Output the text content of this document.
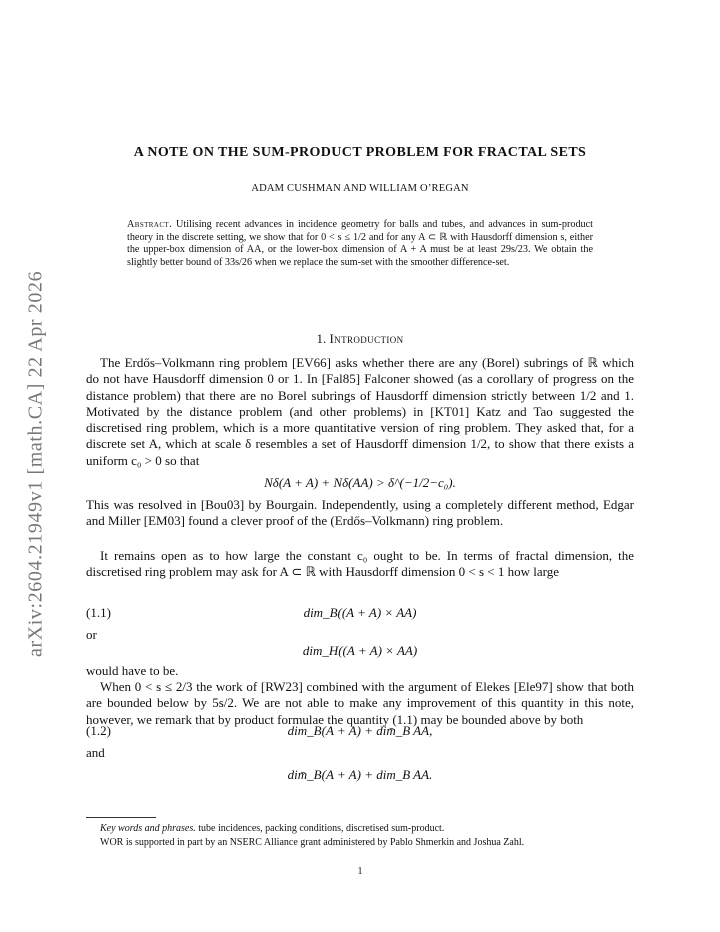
arXiv:2604.21949v1 [math.CA] 22 Apr 2026
A NOTE ON THE SUM-PRODUCT PROBLEM FOR FRACTAL SETS
ADAM CUSHMAN AND WILLIAM O’REGAN
Abstract. Utilising recent advances in incidence geometry for balls and tubes, and advances in sum-product theory in the discrete setting, we show that for 0 < s ≤ 1/2 and for any A ⊂ ℝ with Hausdorff dimension s, either the upper-box dimension of AA, or the lower-box dimension of A + A must be at least 29s/23. We obtain the slightly better bound of 33s/26 when we replace the sum-set with the smoother difference-set.
1. Introduction
The Erdős–Volkmann ring problem [EV66] asks whether there are any (Borel) subrings of ℝ which do not have Hausdorff dimension 0 or 1. In [Fal85] Falconer showed (as a corollary of progress on the distance problem) that there are no Borel subrings of Hausdorff dimension strictly between 1/2 and 1. Motivated by the distance problem (and other problems) in [KT01] Katz and Tao suggested the discretised ring problem, which is a more quantitative version of ring problem. They asked that, for a discrete set A, which at scale δ resembles a set of Hausdorff dimension 1/2, to show that there exists a uniform c₀ > 0 so that
Nδ(A + A) + Nδ(AA) > δ^(−1/2−c₀).
This was resolved in [Bou03] by Bourgain. Independently, using a completely different method, Edgar and Miller [EM03] found a clever proof of the (Erdős–Volkmann) ring problem.
It remains open as to how large the constant c₀ ought to be. In terms of fractal dimension, the discretised ring problem may ask for A ⊂ ℝ with Hausdorff dimension 0 < s < 1 how large
(1.1)	dim_B((A + A) × AA)
or
dim_H((A + A) × AA)
would have to be.
When 0 < s ≤ 2/3 the work of [RW23] combined with the argument of Elekes [Ele97] show that both are bounded below by 5s/2. We are not able to make any improvement of this quantity in this note, however, we remark that by product formulae the quantity (1.1) may be bounded above by both
(1.2)	dim_B(A + A) + dim̄_B AA,
and
dim̄_B(A + A) + dim_B AA.
Key words and phrases. tube incidences, packing conditions, discretised sum-product.
WOR is supported in part by an NSERC Alliance grant administered by Pablo Shmerkin and Joshua Zahl.
1
